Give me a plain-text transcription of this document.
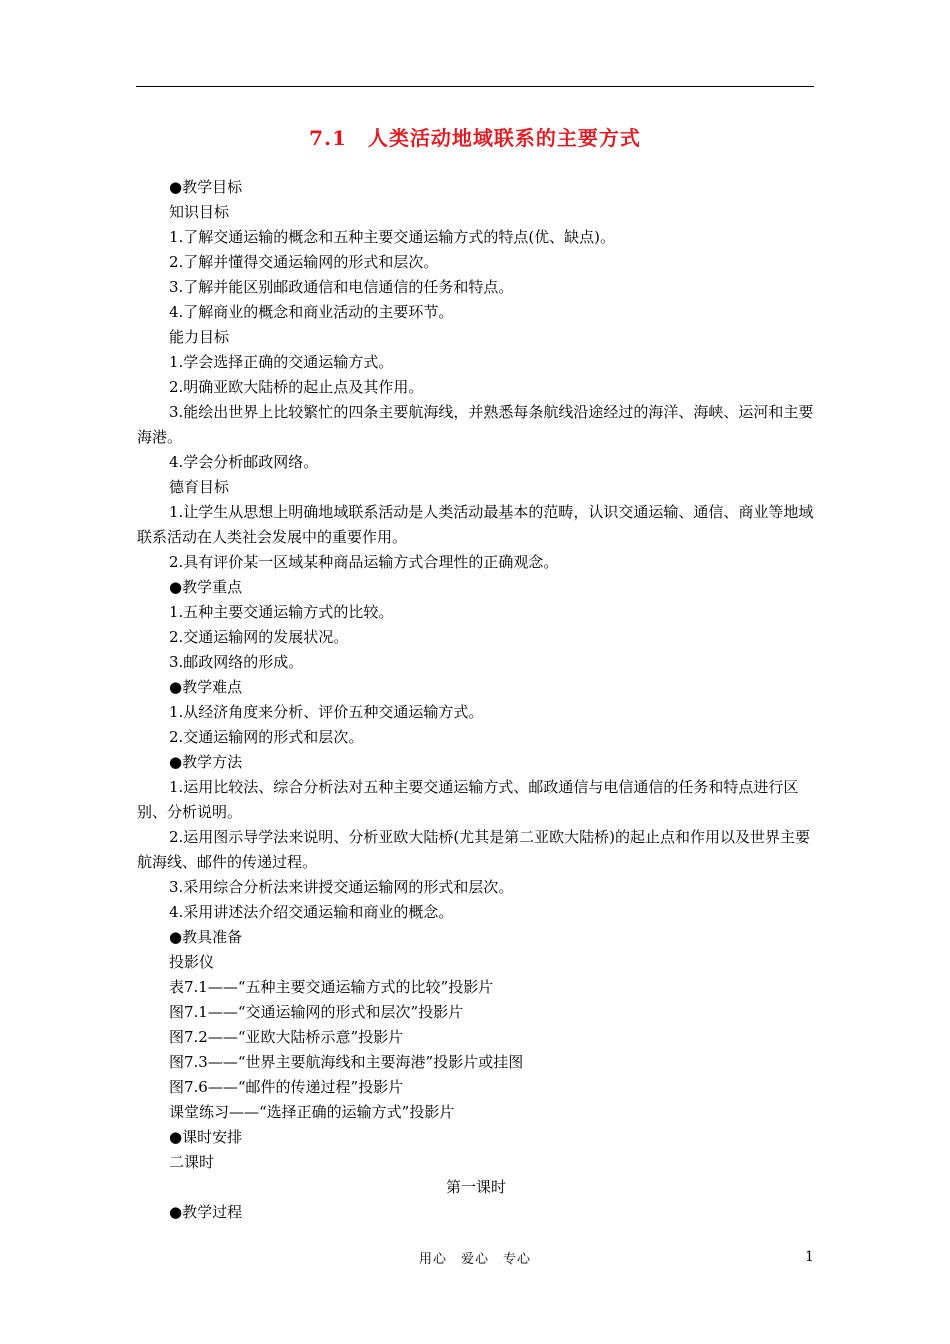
7.1　人类活动地域联系的主要方式

●教学目标

知识目标

1.了解交通运输的概念和五种主要交通运输方式的特点(优、缺点)。

2.了解并懂得交通运输网的形式和层次。

3.了解并能区别邮政通信和电信通信的任务和特点。

4.了解商业的概念和商业活动的主要环节。

能力目标

1.学会选择正确的交通运输方式。

2.明确亚欧大陆桥的起止点及其作用。

3.能绘出世界上比较繁忙的四条主要航海线，并熟悉每条航线沿途经过的海洋、海峡、运河和主要海港。

4.学会分析邮政网络。

德育目标

1.让学生从思想上明确地域联系活动是人类活动最基本的范畴，认识交通运输、通信、商业等地域联系活动在人类社会发展中的重要作用。

2.具有评价某一区域某种商品运输方式合理性的正确观念。

●教学重点

1.五种主要交通运输方式的比较。

2.交通运输网的发展状况。

3.邮政网络的形成。

●教学难点

1.从经济角度来分析、评价五种交通运输方式。

2.交通运输网的形式和层次。

●教学方法

1.运用比较法、综合分析法对五种主要交通运输方式、邮政通信与电信通信的任务和特点进行区别、分析说明。

2.运用图示导学法来说明、分析亚欧大陆桥(尤其是第二亚欧大陆桥)的起止点和作用以及世界主要航海线、邮件的传递过程。

3.采用综合分析法来讲授交通运输网的形式和层次。

4.采用讲述法介绍交通运输和商业的概念。

●教具准备

投影仪

表7.1——“五种主要交通运输方式的比较”投影片

图7.1——“交通运输网的形式和层次”投影片

图7.2——“亚欧大陆桥示意”投影片

图7.3——“世界主要航海线和主要海港”投影片或挂图

图7.6——“邮件的传递过程”投影片

课堂练习——“选择正确的运输方式”投影片

●课时安排

二课时

第一课时

●教学过程

用心　爱心　专心	1
